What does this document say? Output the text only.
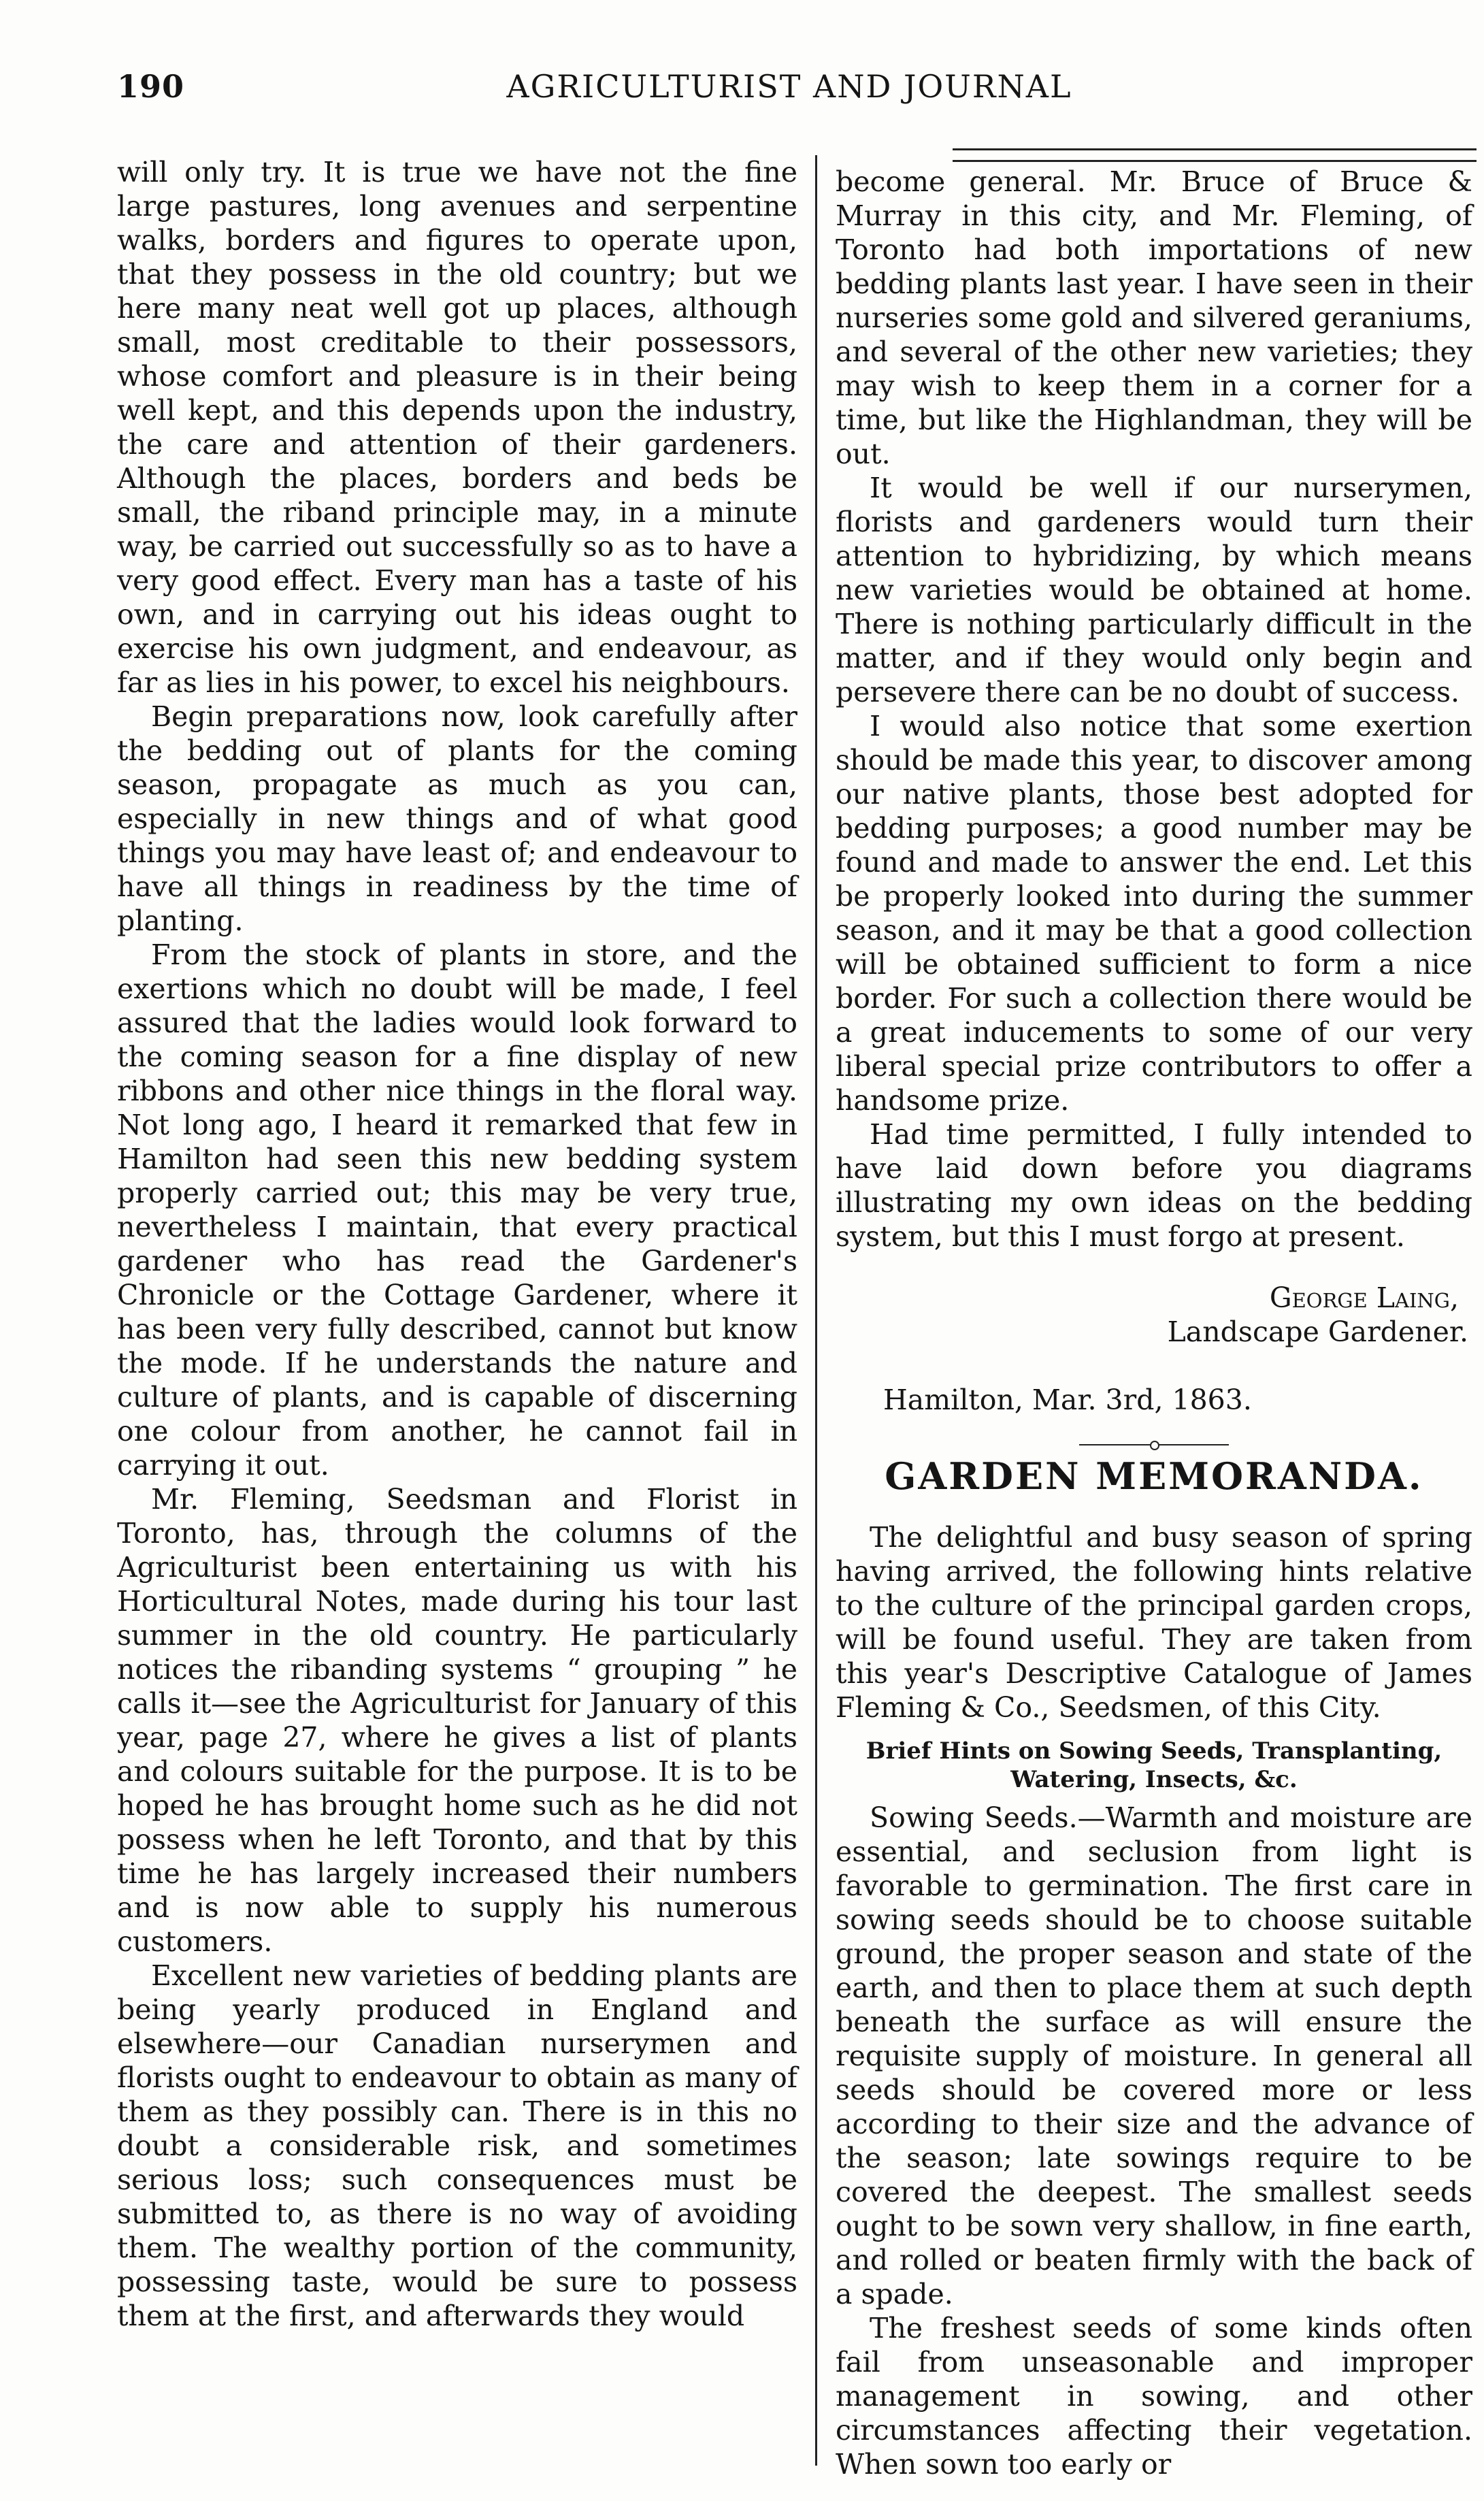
190	AGRICULTURIST AND JOURNAL

will only try. It is true we have not the fine large pastures, long avenues and serpentine walks, borders and figures to operate upon, that they possess in the old country; but we here many neat well got up places, although small, most creditable to their possessors, whose comfort and pleasure is in their being well kept, and this depends upon the industry, the care and attention of their gardeners. Although the places, borders and beds be small, the riband principle may, in a minute way, be carried out successfully so as to have a very good effect. Every man has a taste of his own, and in carrying out his ideas ought to exercise his own judgment, and endeavour, as far as lies in his power, to excel his neighbours.

Begin preparations now, look carefully after the bedding out of plants for the coming season, propagate as much as you can, especially in new things and of what good things you may have least of; and endeavour to have all things in readiness by the time of planting.

From the stock of plants in store, and the exertions which no doubt will be made, I feel assured that the ladies would look forward to the coming season for a fine display of new ribbons and other nice things in the floral way. Not long ago, I heard it remarked that few in Hamilton had seen this new bedding system properly carried out; this may be very true, nevertheless I maintain, that every practical gardener who has read the Gardener's Chronicle or the Cottage Gardener, where it has been very fully described, cannot but know the mode. If he understands the nature and culture of plants, and is capable of discerning one colour from another, he cannot fail in carrying it out.

Mr. Fleming, Seedsman and Florist in Toronto, has, through the columns of the Agriculturist been entertaining us with his Horticultural Notes, made during his tour last summer in the old country. He particularly notices the ribanding systems “ grouping ” he calls it—see the Agriculturist for January of this year, page 27, where he gives a list of plants and colours suitable for the purpose. It is to be hoped he has brought home such as he did not possess when he left Toronto, and that by this time he has largely increased their numbers and is now able to supply his numerous customers.

Excellent new varieties of bedding plants are being yearly produced in England and elsewhere—our Canadian nurserymen and florists ought to endeavour to obtain as many of them as they possibly can. There is in this no doubt a considerable risk, and sometimes serious loss; such consequences must be submitted to, as there is no way of avoiding them. The wealthy portion of the community, possessing taste, would be sure to possess them at the first, and afterwards they would

become general. Mr. Bruce of Bruce & Murray in this city, and Mr. Fleming, of Toronto had both importations of new bedding plants last year. I have seen in their nurseries some gold and silvered geraniums, and several of the other new varieties; they may wish to keep them in a corner for a time, but like the Highlandman, they will be out.

It would be well if our nurserymen, florists and gardeners would turn their attention to hybridizing, by which means new varieties would be obtained at home. There is nothing particularly difficult in the matter, and if they would only begin and persevere there can be no doubt of success.

I would also notice that some exertion should be made this year, to discover among our native plants, those best adopted for bedding purposes; a good number may be found and made to answer the end. Let this be properly looked into during the summer season, and it may be that a good collection will be obtained sufficient to form a nice border. For such a collection there would be a great inducements to some of our very liberal special prize contributors to offer a handsome prize.

Had time permitted, I fully intended to have laid down before you diagrams illustrating my own ideas on the bedding system, but this I must forgo at present.

George Laing,
Landscape Gardener.
Hamilton, Mar. 3rd, 1863.
GARDEN MEMORANDA.

The delightful and busy season of spring having arrived, the following hints relative to the culture of the principal garden crops, will be found useful. They are taken from this year's Descriptive Catalogue of James Fleming & Co., Seedsmen, of this City.

Brief Hints on Sowing Seeds, Transplanting, Watering, Insects, &c.

Sowing Seeds.—Warmth and moisture are essential, and seclusion from light is favorable to germination. The first care in sowing seeds should be to choose suitable ground, the proper season and state of the earth, and then to place them at such depth beneath the surface as will ensure the requisite supply of moisture. In general all seeds should be covered more or less according to their size and the advance of the season; late sowings require to be covered the deepest. The smallest seeds ought to be sown very shallow, in fine earth, and rolled or beaten firmly with the back of a spade.

The freshest seeds of some kinds often fail from unseasonable and improper management in sowing, and other circumstances affecting their vegetation. When sown too early or
